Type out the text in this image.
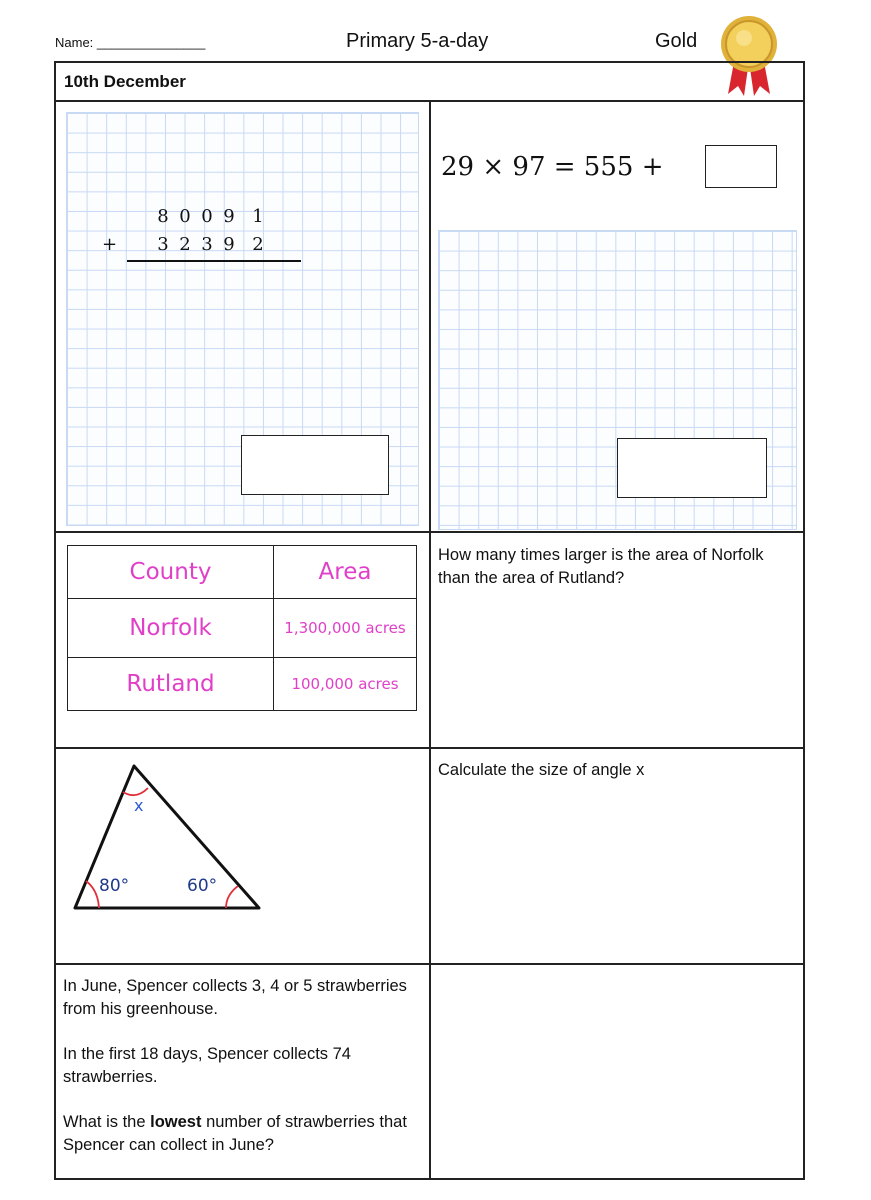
Name: _______________	Primary 5-a-day	Gold
10th December
8 0 0 9 1
+ 3 2 3 9 2
29 × 97 = 555 +
County	Area
Norfolk	1,300,000 acres
Rutland	100,000 acres
How many times larger is the area of Norfolk than the area of Rutland?
x
80°	60°
Calculate the size of angle x

In June, Spencer collects 3, 4 or 5 strawberries from his greenhouse.

In the first 18 days, Spencer collects 74 strawberries.

What is the lowest number of strawberries that Spencer can collect in June?
